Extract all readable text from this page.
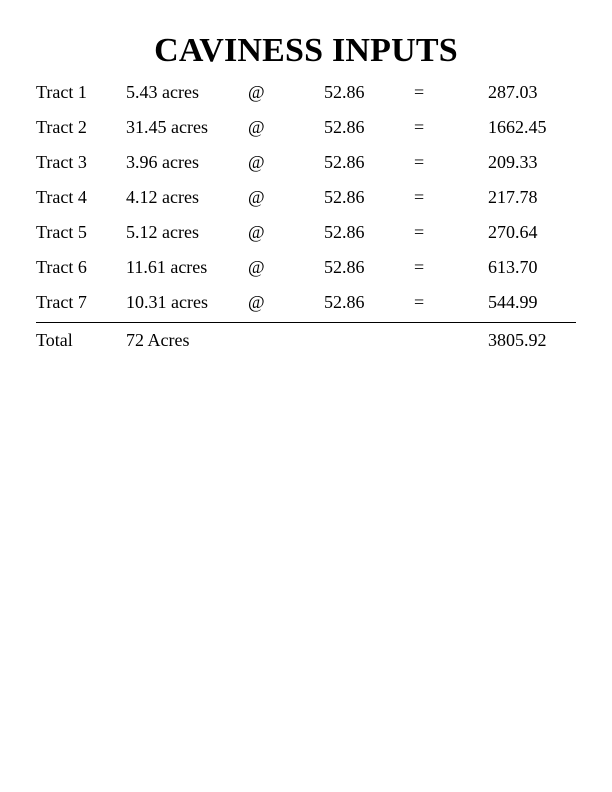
CAVINESS INPUTS
Tract 1 5.43 acres	@	52.86	=	287.03
Tract 2 31.45 acres @	52.86	=	1662.45
Tract 3 3.96 acres	@	52.86	=	209.33
Tract 4 4.12 acres	@	52.86	=	217.78
Tract 5 5.12 acres	@	52.86	=	270.64
Tract 6 11.61 acres @	52.86	=	613.70
Tract 7 10.31 acres @	52.86	=	544.99
Total	72 Acres	3805.92
